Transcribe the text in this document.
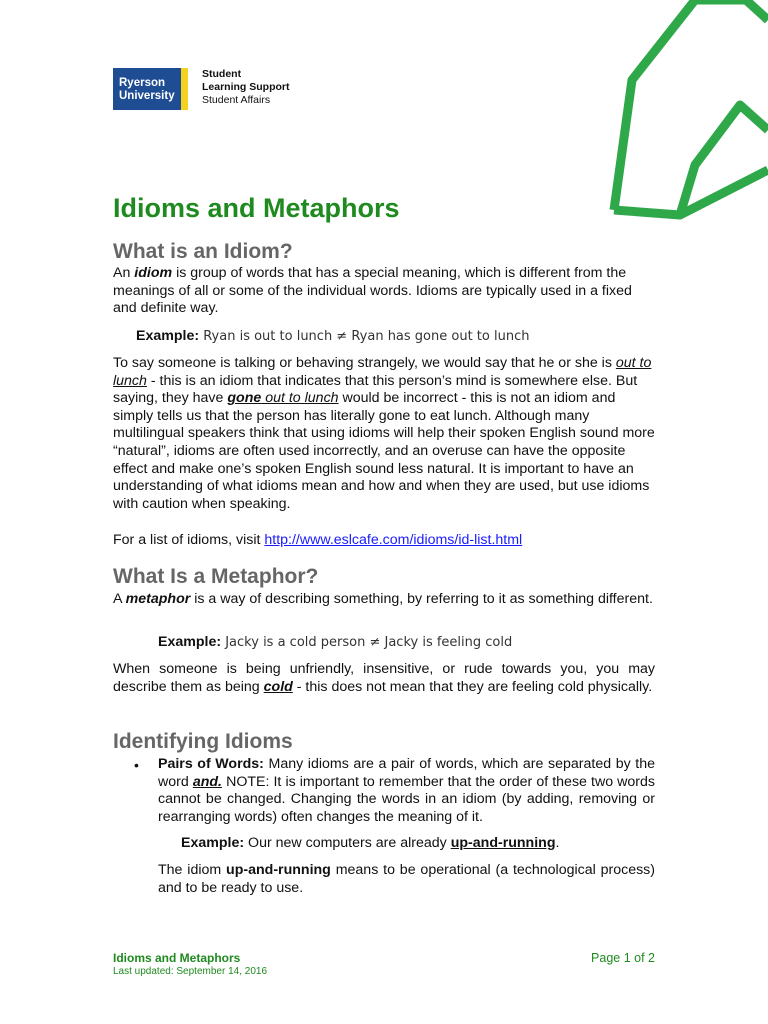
Ryerson
University
Student
Learning Support
Student Affairs
Idioms and Metaphors
What is an Idiom?

An idiom is group of words that has a special meaning, which is different from the meanings of all or some of the individual words. Idioms are typically used in a fixed and definite way.

Example: Ryan is out to lunch ≠ Ryan has gone out to lunch

To say someone is talking or behaving strangely, we would say that he or she is out to lunch - this is an idiom that indicates that this person’s mind is somewhere else. But saying, they have gone out to lunch would be incorrect - this is not an idiom and simply tells us that the person has literally gone to eat lunch. Although many multilingual speakers think that using idioms will help their spoken English sound more “natural”, idioms are often used incorrectly, and an overuse can have the opposite effect and make one’s spoken English sound less natural. It is important to have an understanding of what idioms mean and how and when they are used, but use idioms with caution when speaking.

For a list of idioms, visit http://www.eslcafe.com/idioms/id-list.html

What Is a Metaphor?

A metaphor is a way of describing something, by referring to it as something different.

Example: Jacky is a cold person ≠ Jacky is feeling cold

When someone is being unfriendly, insensitive, or rude towards you, you may describe them as being cold - this does not mean that they are feeling cold physically.

Identifying Idioms
• Pairs of Words: Many idioms are a pair of words, which are separated by the word and. NOTE: It is important to remember that the order of these two words cannot be changed. Changing the words in an idiom (by adding, removing or rearranging words) often changes the meaning of it.

Example: Our new computers are already up-and-running.

The idiom up-and-running means to be operational (a technological process) and to be ready to use.

Idioms and Metaphors
Last updated: September 14, 2016
Page 1 of 2
